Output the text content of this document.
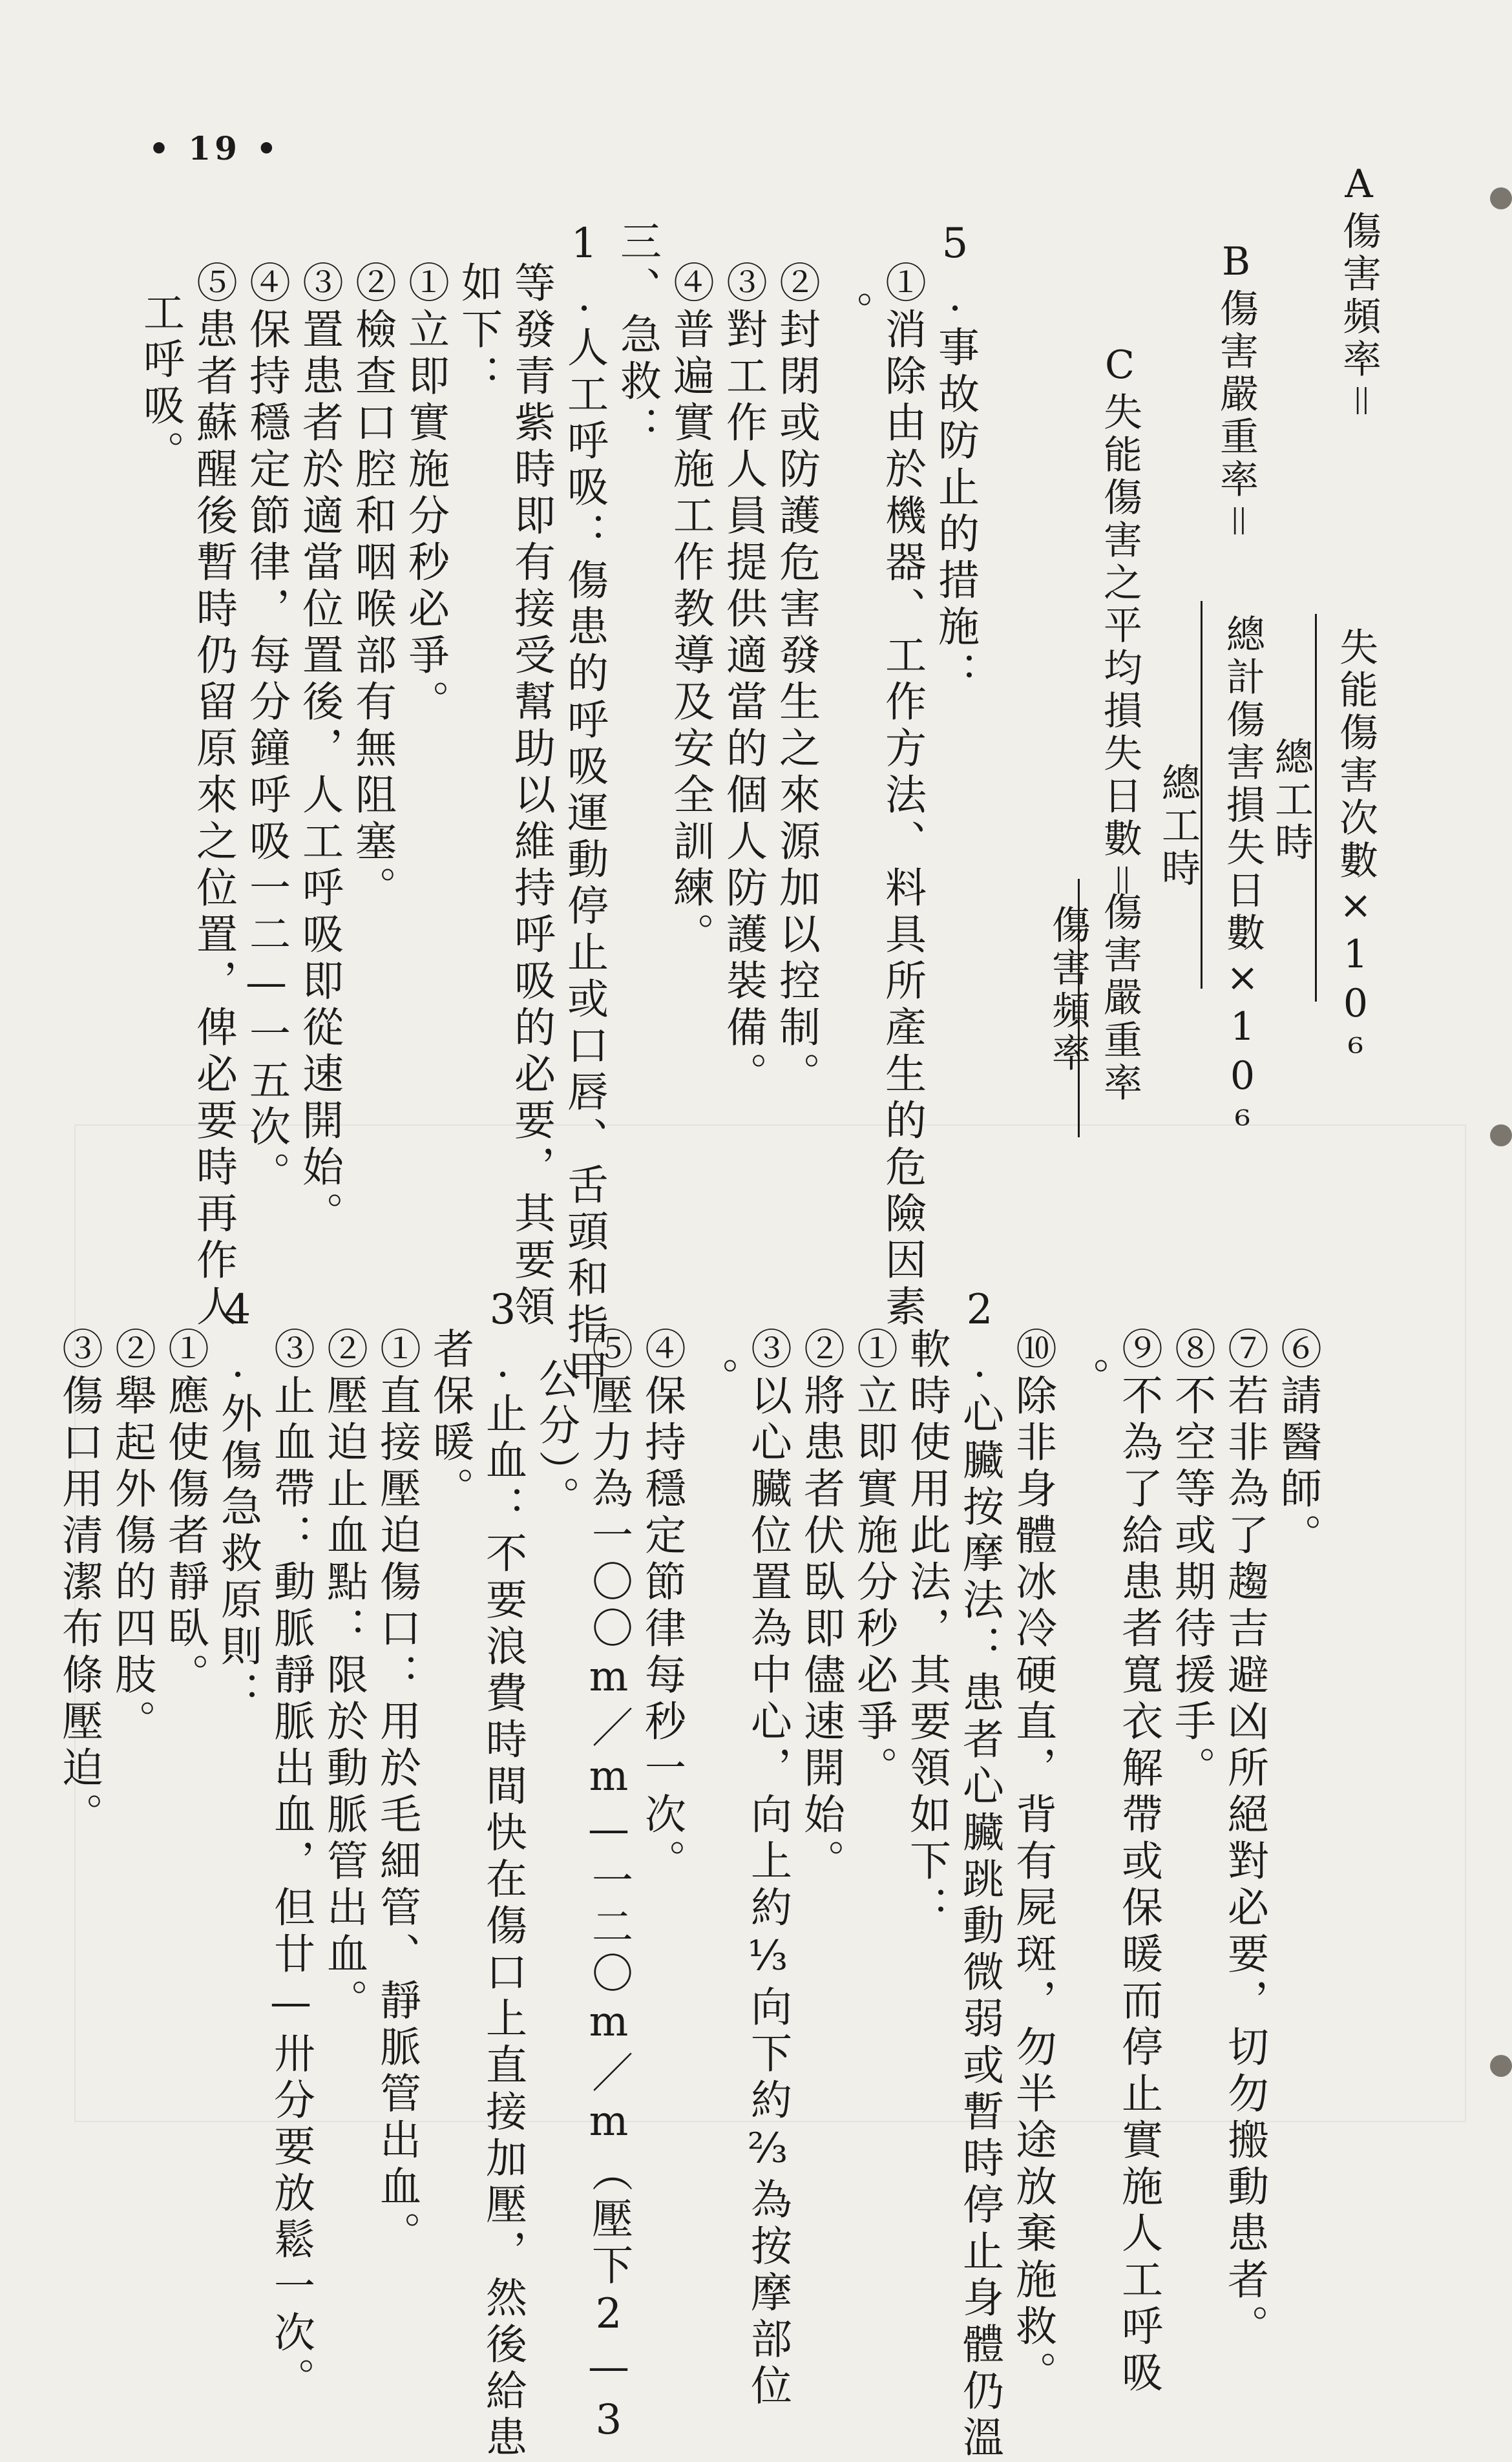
• 19 •
A傷害頻率＝
失能傷害次數×10⁶
總工時
B傷害嚴重率＝
總計傷害損失日數×10⁶
總工時
C失能傷害之平均損失日數＝
傷害嚴重率
傷害頻率
5.事故防止的措施：
①消除由於機器、工作方法、料具所產生的危險因素
。
②封閉或防護危害發生之來源加以控制。
③對工作人員提供適當的個人防護裝備。
④普遍實施工作教導及安全訓練。
三、急救：
1.人工呼吸：傷患的呼吸運動停止或口唇、舌頭和指甲
等發青紫時即有接受幫助以維持呼吸的必要，其要領
如下：
①立即實施分秒必爭。
②檢查口腔和咽喉部有無阻塞。
③置患者於適當位置後，人工呼吸即從速開始。
④保持穩定節律，每分鐘呼吸一二—一五次。
⑤患者蘇醒後暫時仍留原來之位置，俾必要時再作人
工呼吸。
⑥請醫師。
⑦若非為了趨吉避凶所絕對必要，切勿搬動患者。
⑧不空等或期待援手。
⑨不為了給患者寬衣解帶或保暖而停止實施人工呼吸
。
⑩除非身體冰冷硬直，背有屍斑，勿半途放棄施救。
2.心臟按摩法：患者心臟跳動微弱或暫時停止身體仍溫
軟時使用此法，其要領如下：
①立即實施分秒必爭。
②將患者伏臥即儘速開始。
③以心臟位置為中心，向上約⅓向下約⅔為按摩部位
。
④保持穩定節律每秒一次。
⑤壓力為一〇〇m／m—一二〇m／m（壓下2—3
公分）。
3.止血：不要浪費時間快在傷口上直接加壓，然後給患
者保暖。
①直接壓迫傷口：用於毛細管、靜脈管出血。
②壓迫止血點：限於動脈管出血。
③止血帶：動脈靜脈出血，但廿—卅分要放鬆一次。
4.外傷急救原則：
①應使傷者靜臥。
②舉起外傷的四肢。
③傷口用清潔布條壓迫。
